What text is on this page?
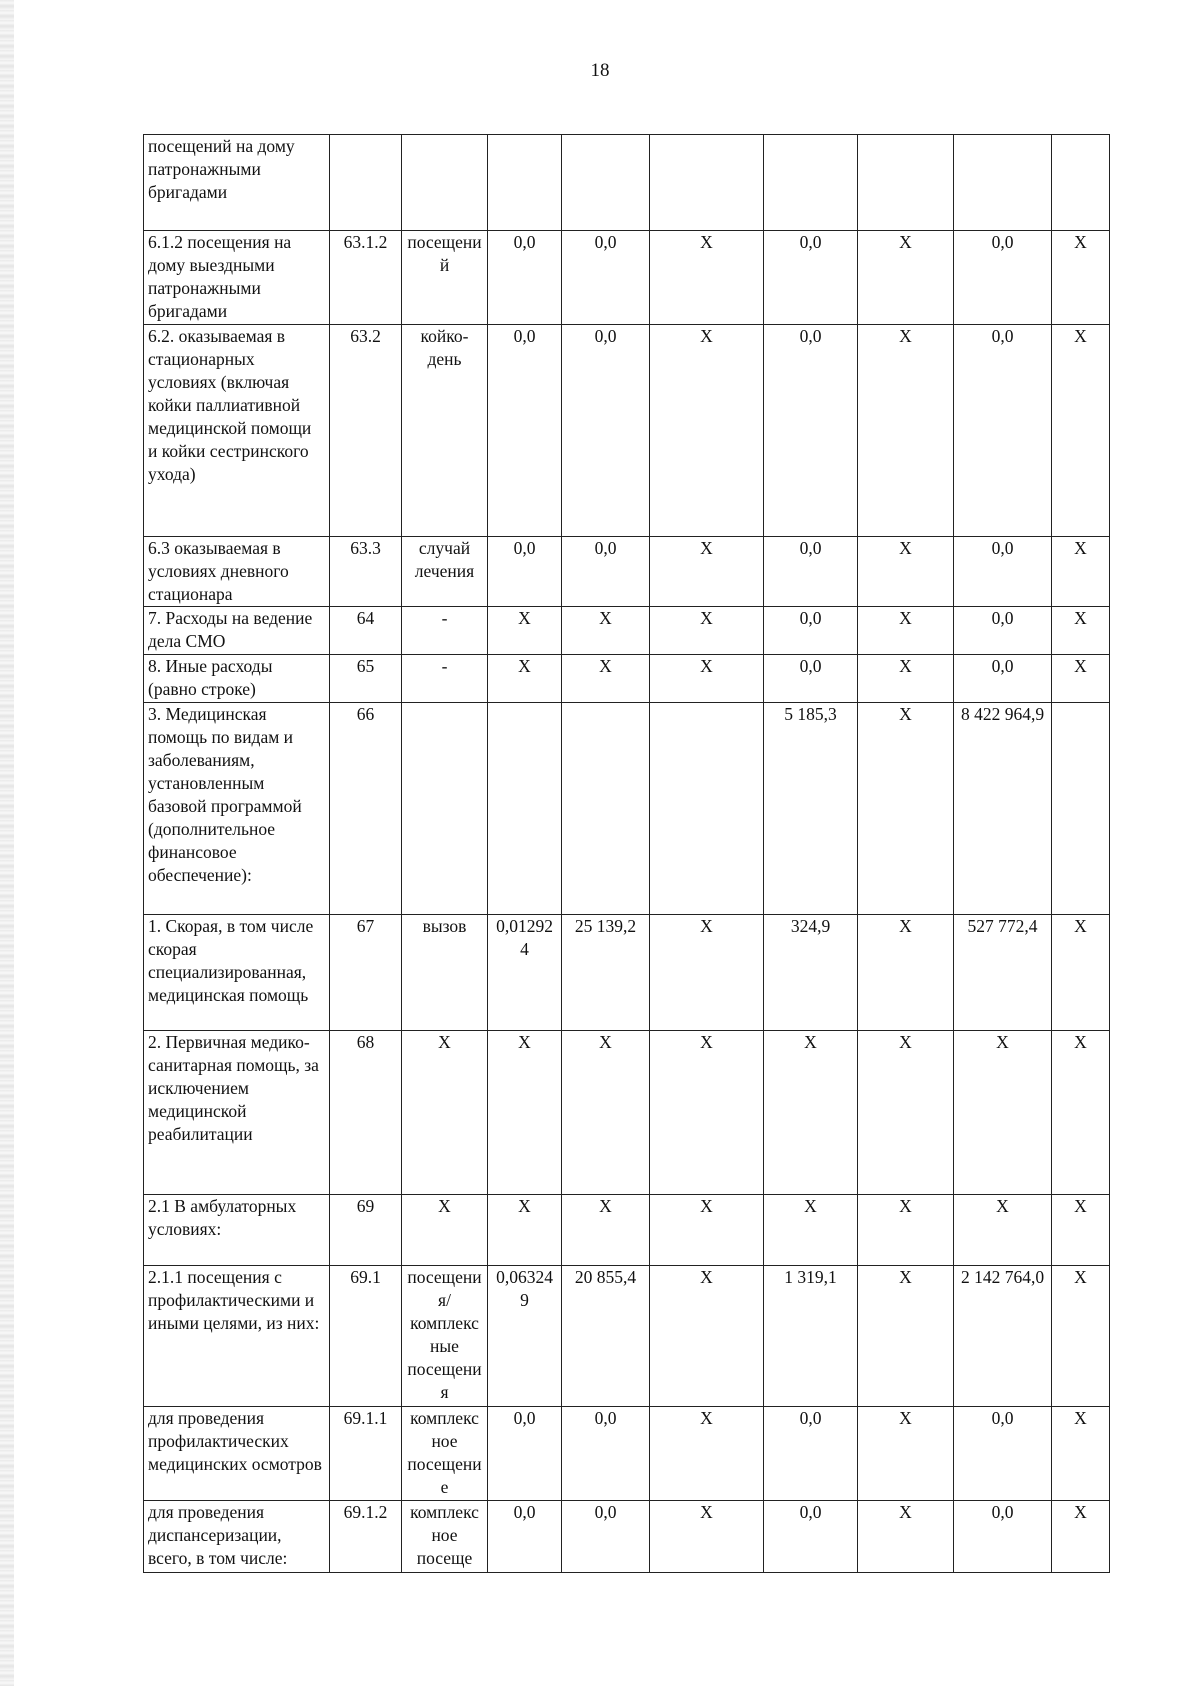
18
посещений на дому патронажными бригадами									
6.1.2 посещения на дому выездными патронажными бригадами	63.1.2	посещений	0,0	0,0	X	0,0	X	0,0	X
6.2. оказываемая в стационарных условиях (включая койки паллиативной медицинской помощи и койки сестринского ухода)	63.2	койко-день	0,0	0,0	X	0,0	X	0,0	X
6.3 оказываемая в условиях дневного стационара	63.3	случай лечения	0,0	0,0	X	0,0	X	0,0	X
7. Расходы на ведение дела СМО	64	-	X	X	X	0,0	X	0,0	X
8. Иные расходы (равно строке)	65	-	X	X	X	0,0	X	0,0	X
3. Медицинская помощь по видам и заболеваниям, установленным базовой программой (дополнительное финансовое обеспечение):	66					5 185,3	X	8 422 964,9	
1. Скорая, в том числе скорая специализированная, медицинская помощь	67	вызов	0,012924	25 139,2	X	324,9	X	527 772,4	X
2. Первичная медико-санитарная помощь, за исключением медицинской реабилитации	68	X	X	X	X	X	X	X	X
2.1 В амбулаторных условиях:	69	X	X	X	X	X	X	X	X
2.1.1 посещения с профилактическими и иными целями, из них:	69.1	посещения/комплексные посещения	0,063249	20 855,4	X	1 319,1	X	2 142 764,0	X
для проведения профилактических медицинских осмотров	69.1.1	комплексное посещение	0,0	0,0	X	0,0	X	0,0	X
для проведения диспансеризации, всего, в том числе:	69.1.2	комплексное посеще	0,0	0,0	X	0,0	X	0,0	X
